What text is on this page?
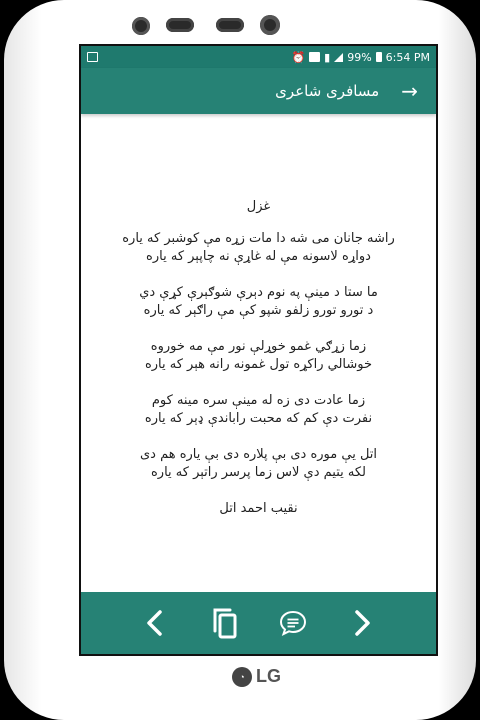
◔ LG
⏰ ▮ 99% 6:54 PM
مسافری شاعری →
غزل
راشه جانان می شه دا مات زړه مې کوشبر که یاره
دواړه لاسونه مې له غاړې نه چاپېر که یاره
ما ستا د مینې په نوم دېرې شوګېرې کړې دي
د تورو تورو زلفو شپو کې مې راګېر که یاره
زما زړګي غمو خوړلې نور مې مه خوروه
خوشالي راکړه تول غمونه رانه هېر که یاره
زما عادت دی زه له مینې سره مینه کوم
نفرت دې کم که محبت راباندې ډېر که یاره
اتل یې موره دی بې پلاره دی بې یاره هم دی
لکه یتیم دې لاس زما پرسر راتېر که یاره
نقیب احمد اتل
